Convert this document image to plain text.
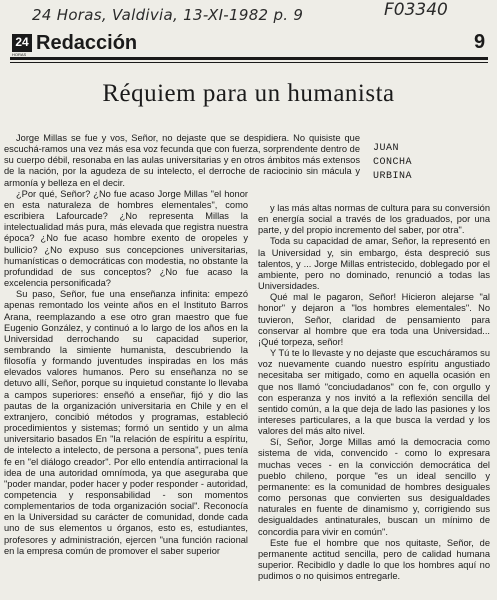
24 Horas, Valdivia, 13-XI-1982 p. 9	F03340
24
HORAS
Redacción	9
Réquiem para un humanista
JUAN
CONCHA
URBINA

Jorge Millas se fue y vos, Señor, no dejaste que se despidiera. No quisiste que escuchá-ramos una vez más esa voz fecunda que con fuerza, sorprendente dentro de su cuerpo débil, resonaba en las aulas universitarias y en otros ámbitos más extensos de la nación, por la agudeza de su intelecto, el derroche de raciocinio sin mácula y armonía y belleza en el decir.

¿Por qué, Señor? ¿No fue acaso Jorge Millas "el honor en esta naturaleza de hombres elementales", como escribiera Lafourcade? ¿No representa Millas la intelectualidad más pura, más elevada que registra nuestra época? ¿No fue acaso hombre exento de oropeles y bullicio? ¿No expuso sus concepciones universitarias, humanísticas o democráticas con modestia, no obstante la profundidad de sus conceptos? ¿No fue acaso la excelencia personificada?

Su paso, Señor, fue una enseñanza infinita: empezó apenas remontado los veinte años en el Instituto Barros Arana, reemplazando a ese otro gran maestro que fue Eugenio González, y continuó a lo largo de los años en la Universidad derrochando su capacidad superior, sembrando la simiente humanista, descubriendo la filosofía y formando juventudes inspiradas en los más elevados valores humanos. Pero su enseñanza no se detuvo allí, Señor, porque su inquietud constante lo llevaba a campos superiores: enseñó a enseñar, fijó y dio las pautas de la organización universitaria en Chile y en el extranjero, concibió métodos y programas, estableció procedimientos y sistemas; formó un sentido y un alma universitario basados En "la relación de espíritu a espíritu, de intelecto a intelecto, de persona a persona", pues tenía fe en "el diálogo creador". Por ello entendía antirracional la idea de una autoridad omnímoda, ya que aseguraba que "poder mandar, poder hacer y poder responder - autoridad, competencia y responsabilidad - son momentos complementarios de toda organización social". Reconocía en la Universidad su carácter de comunidad, donde cada uno de sus elementos u órganos, esto es, estudiantes, profesores y administración, ejercen "una función racional en la empresa común de promover el saber superior

y las más altas normas de cultura para su conversión en energía social a través de los graduados, por una parte, y del propio incremento del saber, por otra".

Toda su capacidad de amar, Señor, la representó en la Universidad y, sin embargo, ésta despreció sus talentos, y ... Jorge Millas entristecido, doblegado por el ambiente, pero no dominado, renunció a todas las Universidades.

Qué mal le pagaron, Señor! Hicieron alejarse "al honor" y dejaron a "los hombres elementales". No tuvieron, Señor, claridad de pensamiento para conservar al hombre que era toda una Universidad... ¡Qué torpeza, señor!

Y Tú te lo llevaste y no dejaste que escucháramos su voz nuevamente cuando nuestro espíritu angustiado necesitaba ser mitigado, como en aquella ocasión en que nos llamó "conciudadanos" con fe, con orgullo y con esperanza y nos invitó a la reflexión sencilla del sentido común, a la que deja de lado las pasiones y los intereses particulares, a la que busca la verdad y los valores del más alto nivel.

Sí, Señor, Jorge Millas amó la democracia como sistema de vida, convencido - como lo expresara muchas veces - en la convicción democrática del pueblo chileno, porque "es un ideal sencillo y permanente: es la comunidad de hombres desiguales como personas que convierten sus desigualdades naturales en fuente de dinamismo y, corrigiendo sus desigualdades antinaturales, buscan un mínimo de concordia para vivir en común".

Este fue el hombre que nos quitaste, Señor, de permanente actitud sencilla, pero de calidad humana superior. Recibidlo y dadle lo que los hombres aquí no pudimos o no quisimos entregarle.
